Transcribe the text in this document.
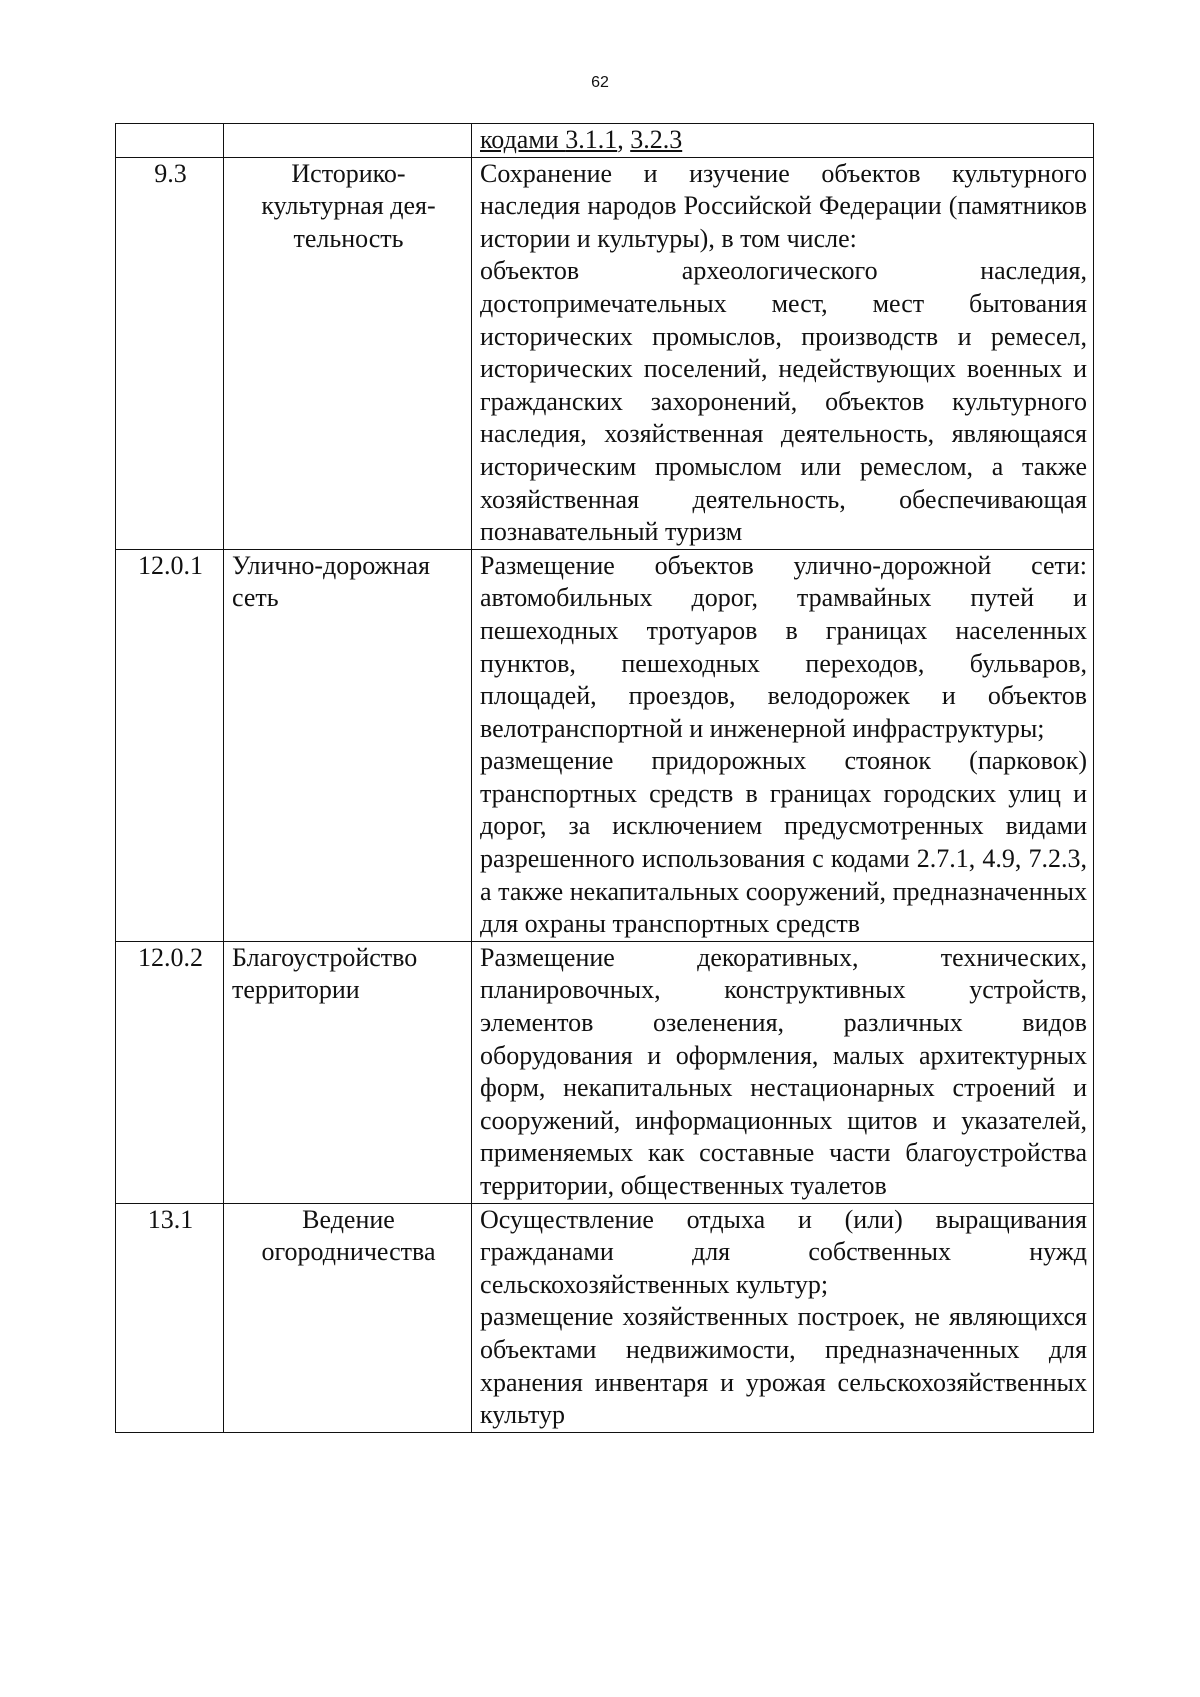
62
		кодами 3.1.1, 3.2.3
9.3	Историко-культурная дея-тельность	Сохранение и изучение объектов культурного наследия народов Российской Федерации (памятников истории и культуры), в том числе:
объектов археологического наследия, достопримечательных мест, мест бытования исторических промыслов, производств и ремесел, исторических поселений, недействующих военных и гражданских захоронений, объектов культурного наследия, хозяйственная деятельность, являющаяся историческим промыслом или ремеслом, а также хозяйственная деятельность, обеспечивающая познавательный туризм

12.0.1	Улично-дорожная сеть	Размещение объектов улично-дорожной сети: автомобильных дорог, трамвайных путей и пешеходных тротуаров в границах населенных пунктов, пешеходных переходов, бульваров, площадей, проездов, велодорожек и объектов велотранспортной и инженерной инфраструктуры;
размещение придорожных стоянок (парковок) транспортных средств в границах городских улиц и дорог, за исключением предусмотренных видами разрешенного использования с кодами 2.7.1, 4.9, 7.2.3, а также некапитальных сооружений, предназначенных для охраны транспортных средств

12.0.2	Благоустройство территории	Размещение декоративных, технических, планировочных, конструктивных устройств, элементов озеленения, различных видов оборудования и оформления, малых архитектурных форм, некапитальных нестационарных строений и сооружений, информационных щитов и указателей, применяемых как составные части благоустройства территории, общественных туалетов

13.1	Ведение огородничества	Осуществление отдыха и (или) выращивания гражданами для собственных нужд сельскохозяйственных культур;
размещение хозяйственных построек, не являющихся объектами недвижимости, предназначенных для хранения инвентаря и урожая сельскохозяйственных культур
